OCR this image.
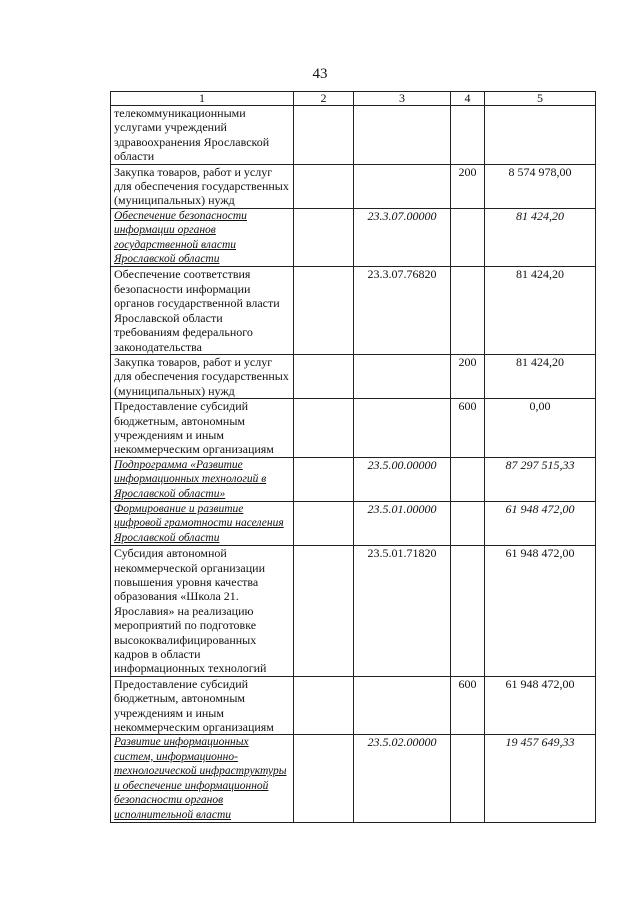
43
1	2	3	4	5
телекоммуникационными услугами учреждений здравоохранения Ярославской области				
Закупка товаров, работ и услуг для обеспечения государственных (муниципальных) нужд			200	8 574 978,00
Обеспечение безопасности информации органов государственной власти Ярославской области		23.3.07.00000		81 424,20
Обеспечение соответствия безопасности информации органов государственной власти Ярославской области требованиям федерального законодательства		23.3.07.76820		81 424,20
Закупка товаров, работ и услуг для обеспечения государственных (муниципальных) нужд			200	81 424,20
Предоставление субсидий бюджетным, автономным учреждениям и иным некоммерческим организациям			600	0,00
Подпрограмма «Развитие информационных технологий в Ярославской области»		23.5.00.00000		87 297 515,33
Формирование и развитие цифровой грамотности населения Ярославской области		23.5.01.00000		61 948 472,00
Субсидия автономной некоммерческой организации повышения уровня качества образования «Школа 21. Ярославия» на реализацию мероприятий по подготовке высококвалифицированных кадров в области информационных технологий		23.5.01.71820		61 948 472,00
Предоставление субсидий бюджетным, автономным учреждениям и иным некоммерческим организациям			600	61 948 472,00
Развитие информационных систем, информационно-технологической инфраструктуры и обеспечение информационной безопасности органов исполнительной власти		23.5.02.00000		19 457 649,33
